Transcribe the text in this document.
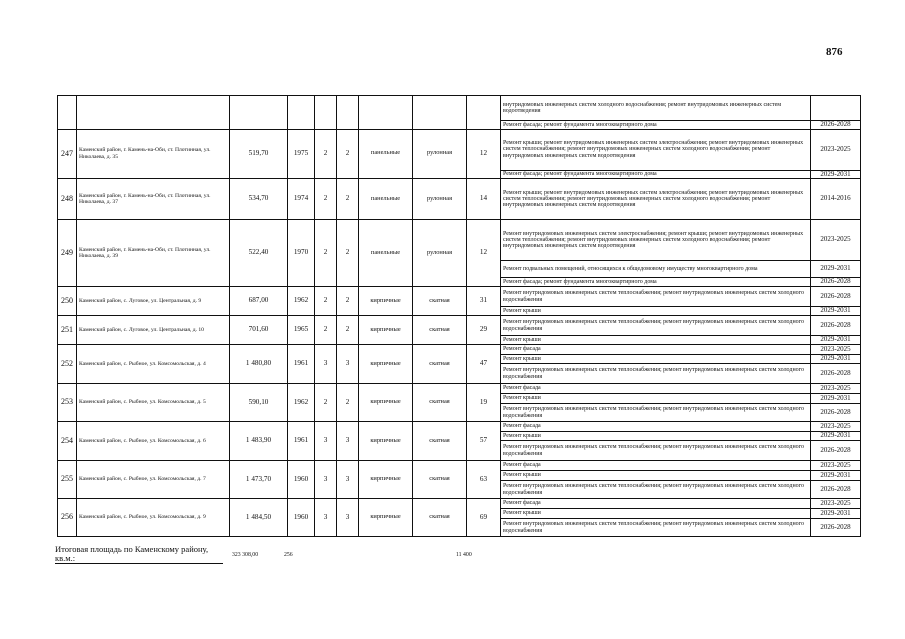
876
									внутридомовых инженерных систем холодного водоснабжения; ремонт внутридомовых инженерных систем водоотведения	
									Ремонт фасада; ремонт фундамента многоквартирного дома	2026-2028
247	Каменский район, г. Камень-на-Оби, ст. Плотинная, ул. Николаева, д. 35	519,70	1975	2	2	панельные	рулонная	12	Ремонт крыши; ремонт внутридомовых инженерных систем электроснабжения; ремонт внутридомовых инженерных систем теплоснабжения; ремонт внутридомовых инженерных систем холодного водоснабжения; ремонт внутридомовых инженерных систем водоотведения	2023-2025
									Ремонт фасада; ремонт фундамента многоквартирного дома	2029-2031
248	Каменский район, г. Камень-на-Оби, ст. Плотинная, ул. Николаева, д. 37	534,70	1974	2	2	панельные	рулонная	14	Ремонт крыши; ремонт внутридомовых инженерных систем электроснабжения; ремонт внутридомовых инженерных систем теплоснабжения; ремонт внутридомовых инженерных систем холодного водоснабжения; ремонт внутридомовых инженерных систем водоотведения	2014-2016
249	Каменский район, г. Камень-на-Оби, ст. Плотинная, ул. Николаева, д. 39	522,40	1970	2	2	панельные	рулонная	12	Ремонт внутридомовых инженерных систем электроснабжения; ремонт крыши; ремонт внутридомовых инженерных систем теплоснабжения; ремонт внутридомовых инженерных систем холодного водоснабжения; ремонт внутридомовых инженерных систем водоотведения	2023-2025
									Ремонт подвальных помещений, относящихся к общедомовому имуществу многоквартирного дома	2029-2031
									Ремонт фасада; ремонт фундамента многоквартирного дома	2026-2028
250	Каменский район, с. Луговое, ул. Центральная, д. 9	687,00	1962	2	2	кирпичные	скатная	31	Ремонт внутридомовых инженерных систем теплоснабжения; ремонт внутридомовых инженерных систем холодного водоснабжения	2026-2028
									Ремонт крыши	2029-2031
251	Каменский район, с. Луговое, ул. Центральная, д. 10	701,60	1965	2	2	кирпичные	скатная	29	Ремонт внутридомовых инженерных систем теплоснабжения; ремонт внутридомовых инженерных систем холодного водоснабжения	2026-2028
									Ремонт крыши	2029-2031
252	Каменский район, с. Рыбное, ул. Комсомольская, д. 4	1 480,80	1961	3	3	кирпичные	скатная	47	Ремонт фасада	2023-2025
									Ремонт крыши	2029-2031
									Ремонт внутридомовых инженерных систем теплоснабжения; ремонт внутридомовых инженерных систем холодного водоснабжения	2026-2028
253	Каменский район, с. Рыбное, ул. Комсомольская, д. 5	590,10	1962	2	2	кирпичные	скатная	19	Ремонт фасада	2023-2025
									Ремонт крыши	2029-2031
									Ремонт внутридомовых инженерных систем теплоснабжения; ремонт внутридомовых инженерных систем холодного водоснабжения	2026-2028
254	Каменский район, с. Рыбное, ул. Комсомольская, д. 6	1 483,90	1961	3	3	кирпичные	скатная	57	Ремонт фасада	2023-2025
									Ремонт крыши	2029-2031
									Ремонт внутридомовых инженерных систем теплоснабжения; ремонт внутридомовых инженерных систем холодного водоснабжения	2026-2028
255	Каменский район, с. Рыбное, ул. Комсомольская, д. 7	1 473,70	1960	3	3	кирпичные	скатная	63	Ремонт фасада	2023-2025
									Ремонт крыши	2029-2031
									Ремонт внутридомовых инженерных систем теплоснабжения; ремонт внутридомовых инженерных систем холодного водоснабжения	2026-2028
256	Каменский район, с. Рыбное, ул. Комсомольская, д. 9	1 484,50	1960	3	3	кирпичные	скатная	69	Ремонт фасада	2023-2025
									Ремонт крыши	2029-2031
									Ремонт внутридомовых инженерных систем теплоснабжения; ремонт внутридомовых инженерных систем холодного водоснабжения	2026-2028
Итоговая площадь по Каменскому району, кв.м.:	323 308,00	256	11 400
